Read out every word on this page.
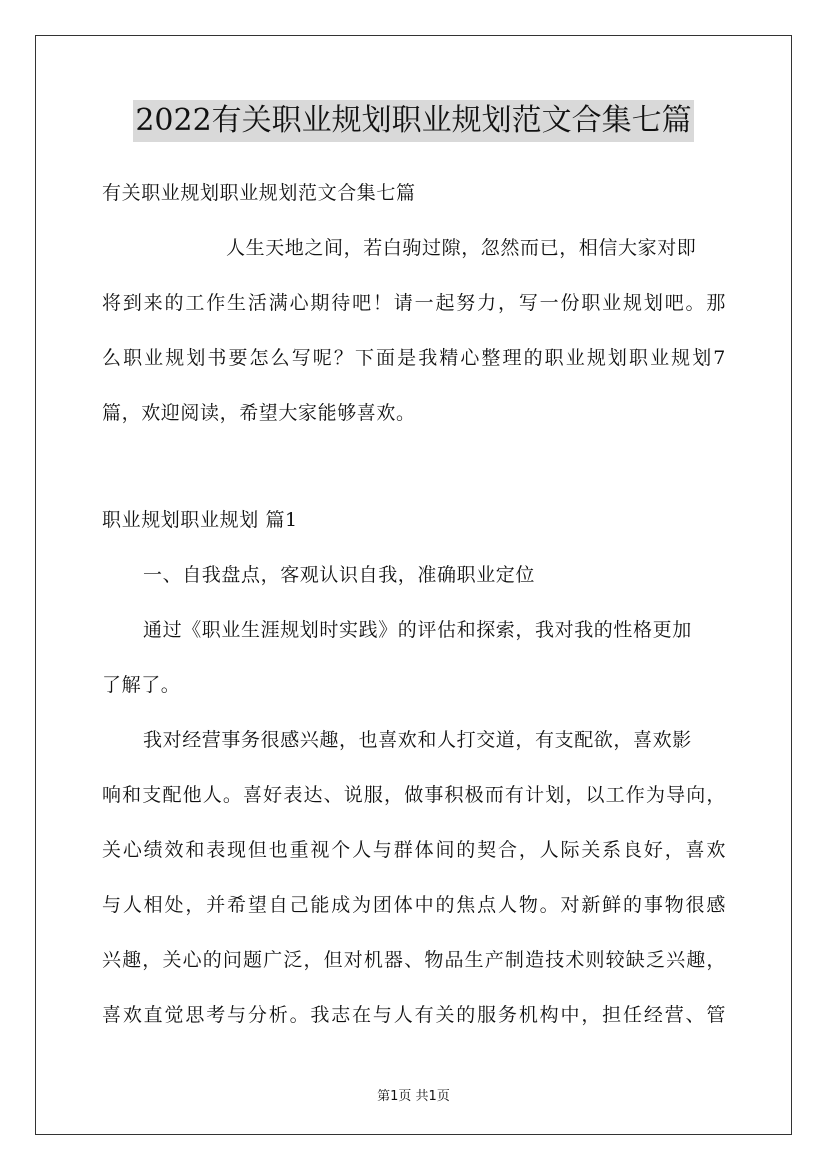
2022有关职业规划职业规划范文合集七篇
有关职业规划职业规划范文合集七篇
人生天地之间，若白驹过隙，忽然而已，相信大家对即
将到来的工作生活满心期待吧！请一起努力，写一份职业规划吧。那
么职业规划书要怎么写呢？下面是我精心整理的职业规划职业规划7
篇，欢迎阅读，希望大家能够喜欢。
职业规划职业规划 篇1
一、自我盘点，客观认识自我，准确职业定位
通过《职业生涯规划时实践》的评估和探索，我对我的性格更加
了解了。
我对经营事务很感兴趣，也喜欢和人打交道，有支配欲，喜欢影
响和支配他人。喜好表达、说服，做事积极而有计划，以工作为导向，
关心绩效和表现但也重视个人与群体间的契合，人际关系良好，喜欢
与人相处，并希望自己能成为团体中的焦点人物。对新鲜的事物很感
兴趣，关心的问题广泛，但对机器、物品生产制造技术则较缺乏兴趣，
喜欢直觉思考与分析。我志在与人有关的服务机构中，担任经营、管
第1页 共1页
